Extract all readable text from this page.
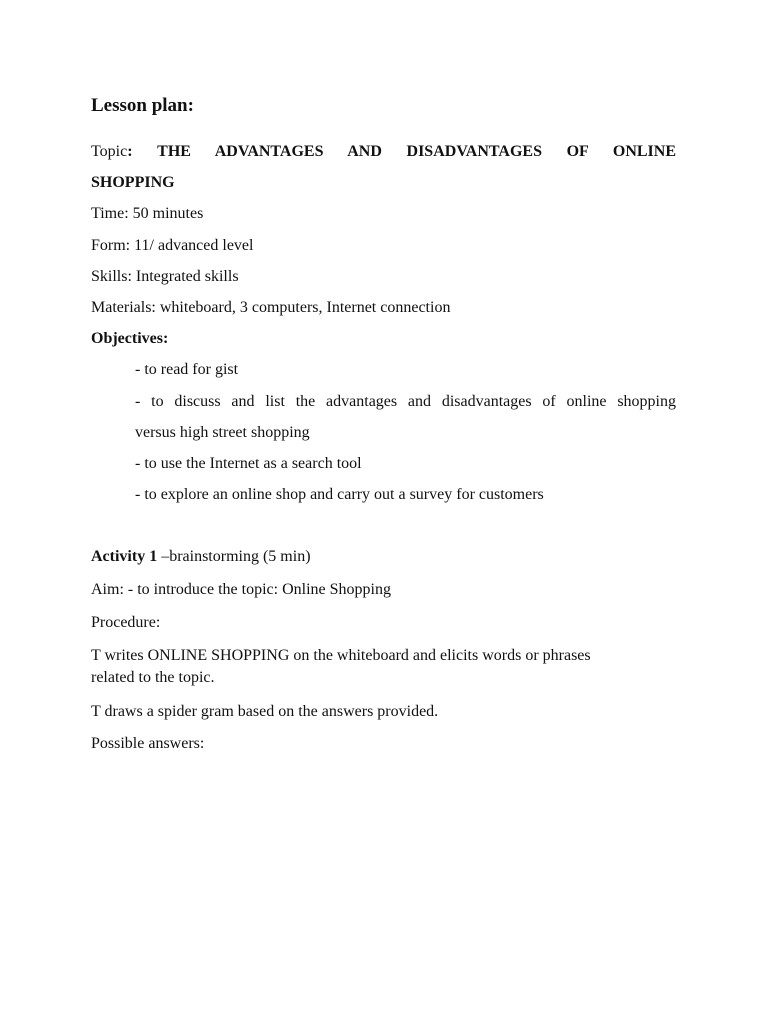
Lesson plan:
Topic: THE ADVANTAGES AND DISADVANTAGES OF ONLINE
SHOPPING
Time: 50 minutes
Form: 11/ advanced level
Skills: Integrated skills
Materials: whiteboard, 3 computers, Internet connection
Objectives:
- to read for gist
- to discuss and list the advantages and disadvantages of online shopping
versus high street shopping
- to use the Internet as a search tool
- to explore an online shop and carry out a survey for customers
Activity 1 –brainstorming (5 min)
Aim: - to introduce the topic: Online Shopping
Procedure:
T writes ONLINE SHOPPING on the whiteboard and elicits words or phrases
related to the topic.
T draws a spider gram based on the answers provided.
Possible answers:
